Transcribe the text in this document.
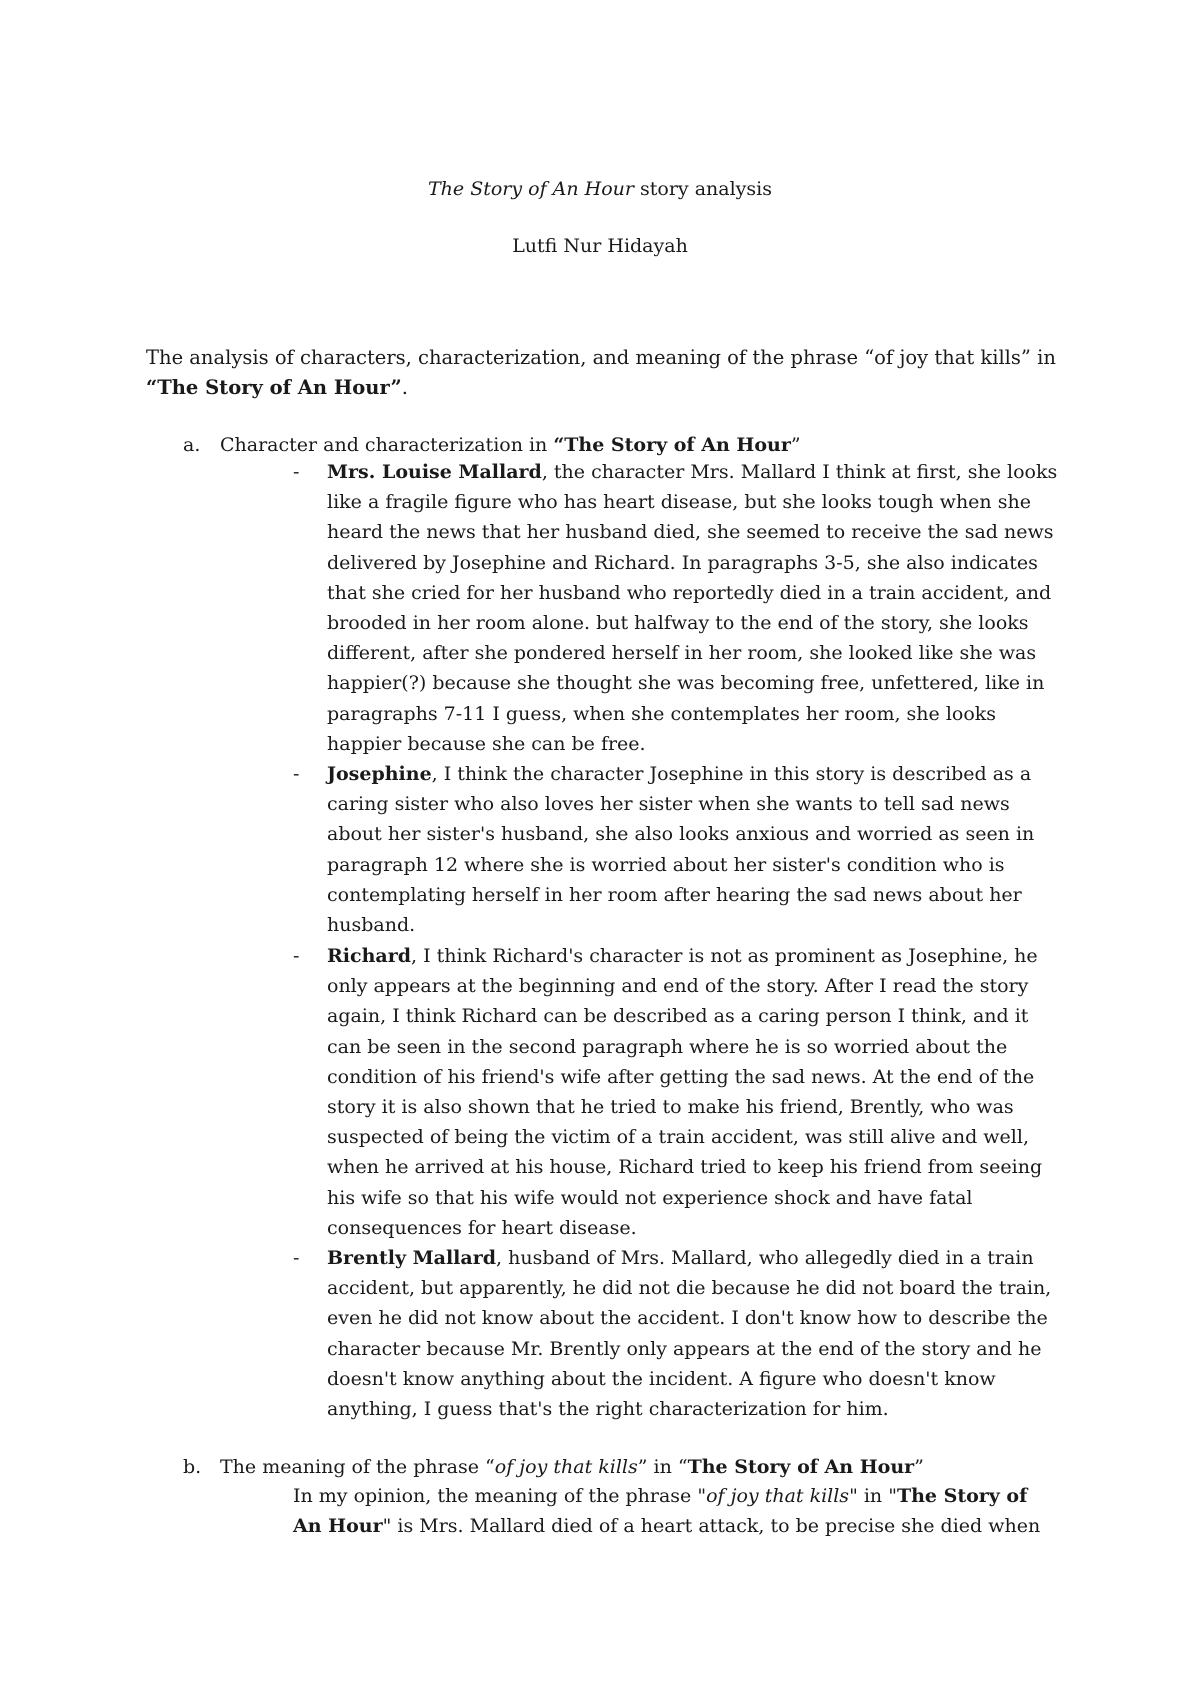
The Story of An Hour story analysis
Lutfi Nur Hidayah
The analysis of characters, characterization, and meaning of the phrase “of joy that kills” in
“The Story of An Hour”.
a. Character and characterization in “The Story of An Hour”
- Mrs. Louise Mallard, the character Mrs. Mallard I think at first, she looks
like a fragile figure who has heart disease, but she looks tough when she
heard the news that her husband died, she seemed to receive the sad news
delivered by Josephine and Richard. In paragraphs 3-5, she also indicates
that she cried for her husband who reportedly died in a train accident, and
brooded in her room alone. but halfway to the end of the story, she looks
different, after she pondered herself in her room, she looked like she was
happier(?) because she thought she was becoming free, unfettered, like in
paragraphs 7-11 I guess, when she contemplates her room, she looks
happier because she can be free.
- Josephine, I think the character Josephine in this story is described as a
caring sister who also loves her sister when she wants to tell sad news
about her sister's husband, she also looks anxious and worried as seen in
paragraph 12 where she is worried about her sister's condition who is
contemplating herself in her room after hearing the sad news about her
husband.
- Richard, I think Richard's character is not as prominent as Josephine, he
only appears at the beginning and end of the story. After I read the story
again, I think Richard can be described as a caring person I think, and it
can be seen in the second paragraph where he is so worried about the
condition of his friend's wife after getting the sad news. At the end of the
story it is also shown that he tried to make his friend, Brently, who was
suspected of being the victim of a train accident, was still alive and well,
when he arrived at his house, Richard tried to keep his friend from seeing
his wife so that his wife would not experience shock and have fatal
consequences for heart disease.
- Brently Mallard, husband of Mrs. Mallard, who allegedly died in a train
accident, but apparently, he did not die because he did not board the train,
even he did not know about the accident. I don't know how to describe the
character because Mr. Brently only appears at the end of the story and he
doesn't know anything about the incident. A figure who doesn't know
anything, I guess that's the right characterization for him.
b. The meaning of the phrase “of joy that kills” in “The Story of An Hour”
In my opinion, the meaning of the phrase "of joy that kills" in "The Story of
An Hour" is Mrs. Mallard died of a heart attack, to be precise she died when
